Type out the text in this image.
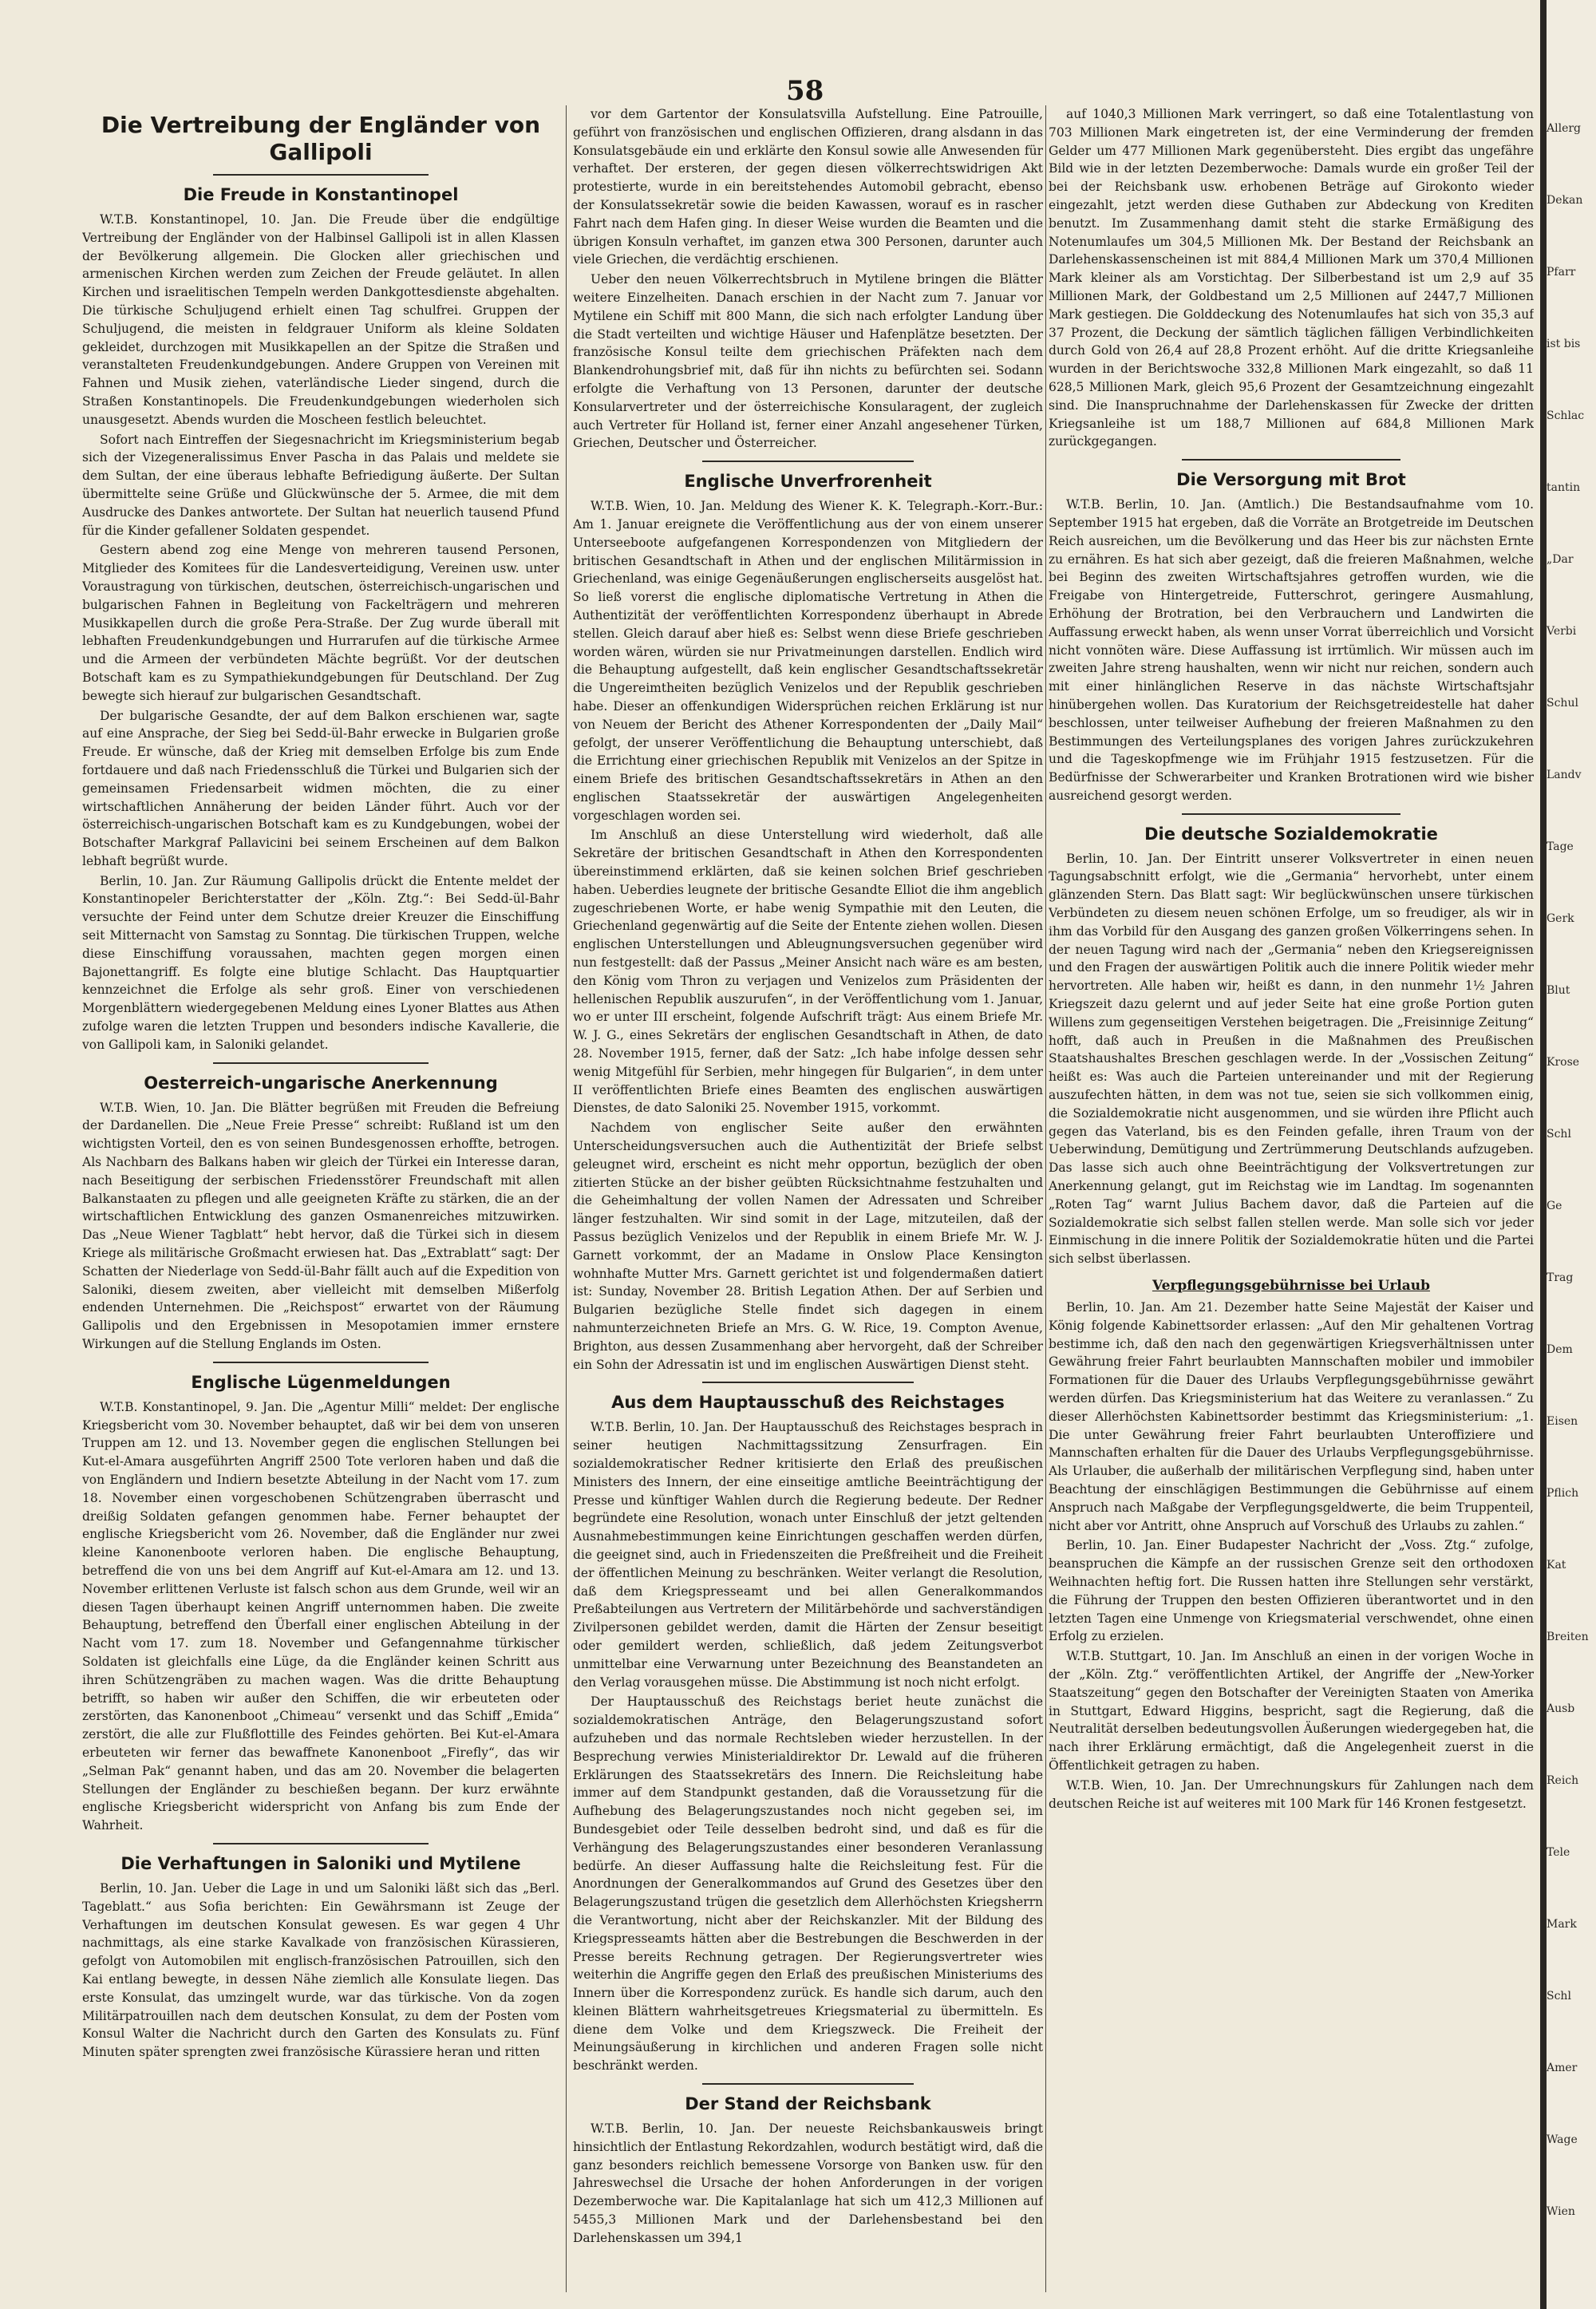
58
Die Vertreibung der Engländer von Gallipoli
Die Freude in Konstantinopel

W.T.B. Konstantinopel, 10. Jan. Die Freude über die endgültige Vertreibung der Engländer von der Halbinsel Gallipoli ist in allen Klassen der Bevölkerung allgemein. Die Glocken aller griechischen und armenischen Kirchen werden zum Zeichen der Freude geläutet. In allen Kirchen und israelitischen Tempeln werden Dankgottesdienste abgehalten. Die türkische Schuljugend erhielt einen Tag schulfrei. Gruppen der Schuljugend, die meisten in feldgrauer Uniform als kleine Soldaten gekleidet, durchzogen mit Musikkapellen an der Spitze die Straßen und veranstalteten Freudenkundgebungen. Andere Gruppen von Vereinen mit Fahnen und Musik ziehen, vaterländische Lieder singend, durch die Straßen Konstantinopels. Die Freudenkundgebungen wiederholen sich unausgesetzt. Abends wurden die Moscheen festlich beleuchtet.

Sofort nach Eintreffen der Siegesnachricht im Kriegsministerium begab sich der Vizegeneralissimus Enver Pascha in das Palais und meldete sie dem Sultan, der eine überaus lebhafte Befriedigung äußerte. Der Sultan übermittelte seine Grüße und Glückwünsche der 5. Armee, die mit dem Ausdrucke des Dankes antwortete. Der Sultan hat neuerlich tausend Pfund für die Kinder gefallener Soldaten gespendet.

Gestern abend zog eine Menge von mehreren tausend Personen, Mitglieder des Komitees für die Landesverteidigung, Vereinen usw. unter Voraustragung von türkischen, deutschen, österreichisch-ungarischen und bulgarischen Fahnen in Begleitung von Fackelträgern und mehreren Musikkapellen durch die große Pera-Straße. Der Zug wurde überall mit lebhaften Freudenkundgebungen und Hurrarufen auf die türkische Armee und die Armeen der verbündeten Mächte begrüßt. Vor der deutschen Botschaft kam es zu Sympathiekundgebungen für Deutschland. Der Zug bewegte sich hierauf zur bulgarischen Gesandtschaft.

Der bulgarische Gesandte, der auf dem Balkon erschienen war, sagte auf eine Ansprache, der Sieg bei Sedd-ül-Bahr erwecke in Bulgarien große Freude. Er wünsche, daß der Krieg mit demselben Erfolge bis zum Ende fortdauere und daß nach Friedensschluß die Türkei und Bulgarien sich der gemeinsamen Friedensarbeit widmen möchten, die zu einer wirtschaftlichen Annäherung der beiden Länder führt. Auch vor der österreichisch-ungarischen Botschaft kam es zu Kundgebungen, wobei der Botschafter Markgraf Pallavicini bei seinem Erscheinen auf dem Balkon lebhaft begrüßt wurde.

Berlin, 10. Jan. Zur Räumung Gallipolis drückt die Entente meldet der Konstantinopeler Berichterstatter der „Köln. Ztg.“: Bei Sedd-ül-Bahr versuchte der Feind unter dem Schutze dreier Kreuzer die Einschiffung seit Mitternacht von Samstag zu Sonntag. Die türkischen Truppen, welche diese Einschiffung voraussahen, machten gegen morgen einen Bajonettangriff. Es folgte eine blutige Schlacht. Das Hauptquartier kennzeichnet die Erfolge als sehr groß. Einer von verschiedenen Morgenblättern wiedergegebenen Meldung eines Lyoner Blattes aus Athen zufolge waren die letzten Truppen und besonders indische Kavallerie, die von Gallipoli kam, in Saloniki gelandet.

Oesterreich-ungarische Anerkennung

W.T.B. Wien, 10. Jan. Die Blätter begrüßen mit Freuden die Befreiung der Dardanellen. Die „Neue Freie Presse“ schreibt: Rußland ist um den wichtigsten Vorteil, den es von seinen Bundesgenossen erhoffte, betrogen. Als Nachbarn des Balkans haben wir gleich der Türkei ein Interesse daran, nach Beseitigung der serbischen Friedensstörer Freundschaft mit allen Balkanstaaten zu pflegen und alle geeigneten Kräfte zu stärken, die an der wirtschaftlichen Entwicklung des ganzen Osmanenreiches mitzuwirken. Das „Neue Wiener Tagblatt“ hebt hervor, daß die Türkei sich in diesem Kriege als militärische Großmacht erwiesen hat. Das „Extrablatt“ sagt: Der Schatten der Niederlage von Sedd-ül-Bahr fällt auch auf die Expedition von Saloniki, diesem zweiten, aber vielleicht mit demselben Mißerfolg endenden Unternehmen. Die „Reichspost“ erwartet von der Räumung Gallipolis und den Ergebnissen in Mesopotamien immer ernstere Wirkungen auf die Stellung Englands im Osten.

Englische Lügenmeldungen

W.T.B. Konstantinopel, 9. Jan. Die „Agentur Milli“ meldet: Der englische Kriegsbericht vom 30. November behauptet, daß wir bei dem von unseren Truppen am 12. und 13. November gegen die englischen Stellungen bei Kut-el-Amara ausgeführten Angriff 2500 Tote verloren haben und daß die von Engländern und Indiern besetzte Abteilung in der Nacht vom 17. zum 18. November einen vorgeschobenen Schützengraben überrascht und dreißig Soldaten gefangen genommen habe. Ferner behauptet der englische Kriegsbericht vom 26. November, daß die Engländer nur zwei kleine Kanonenboote verloren haben. Die englische Behauptung, betreffend die von uns bei dem Angriff auf Kut-el-Amara am 12. und 13. November erlittenen Verluste ist falsch schon aus dem Grunde, weil wir an diesen Tagen überhaupt keinen Angriff unternommen haben. Die zweite Behauptung, betreffend den Überfall einer englischen Abteilung in der Nacht vom 17. zum 18. November und Gefangennahme türkischer Soldaten ist gleichfalls eine Lüge, da die Engländer keinen Schritt aus ihren Schützengräben zu machen wagen. Was die dritte Behauptung betrifft, so haben wir außer den Schiffen, die wir erbeuteten oder zerstörten, das Kanonenboot „Chimeau“ versenkt und das Schiff „Emida“ zerstört, die alle zur Flußflottille des Feindes gehörten. Bei Kut-el-Amara erbeuteten wir ferner das bewaffnete Kanonenboot „Firefly“, das wir „Selman Pak“ genannt haben, und das am 20. November die belagerten Stellungen der Engländer zu beschießen begann. Der kurz erwähnte englische Kriegsbericht widerspricht von Anfang bis zum Ende der Wahrheit.

Die Verhaftungen in Saloniki und Mytilene

Berlin, 10. Jan. Ueber die Lage in und um Saloniki läßt sich das „Berl. Tageblatt.“ aus Sofia berichten: Ein Gewährsmann ist Zeuge der Verhaftungen im deutschen Konsulat gewesen. Es war gegen 4 Uhr nachmittags, als eine starke Kavalkade von französischen Kürassieren, gefolgt von Automobilen mit englisch-französischen Patrouillen, sich den Kai entlang bewegte, in dessen Nähe ziemlich alle Konsulate liegen. Das erste Konsulat, das umzingelt wurde, war das türkische. Von da zogen Militärpatrouillen nach dem deutschen Konsulat, zu dem der Posten vom Konsul Walter die Nachricht durch den Garten des Konsulats zu. Fünf Minuten später sprengten zwei französische Kürassiere heran und ritten

vor dem Gartentor der Konsulatsvilla Aufstellung. Eine Patrouille, geführt von französischen und englischen Offizieren, drang alsdann in das Konsulatsgebäude ein und erklärte den Konsul sowie alle Anwesenden für verhaftet. Der ersteren, der gegen diesen völkerrechtswidrigen Akt protestierte, wurde in ein bereitstehendes Automobil gebracht, ebenso der Konsulatssekretär sowie die beiden Kawassen, worauf es in rascher Fahrt nach dem Hafen ging. In dieser Weise wurden die Beamten und die übrigen Konsuln verhaftet, im ganzen etwa 300 Personen, darunter auch viele Griechen, die verdächtig erschienen.

Ueber den neuen Völkerrechtsbruch in Mytilene bringen die Blätter weitere Einzelheiten. Danach erschien in der Nacht zum 7. Januar vor Mytilene ein Schiff mit 800 Mann, die sich nach erfolgter Landung über die Stadt verteilten und wichtige Häuser und Hafenplätze besetzten. Der französische Konsul teilte dem griechischen Präfekten nach dem Blankendrohungsbrief mit, daß für ihn nichts zu befürchten sei. Sodann erfolgte die Verhaftung von 13 Personen, darunter der deutsche Konsularvertreter und der österreichische Konsularagent, der zugleich auch Vertreter für Holland ist, ferner einer Anzahl angesehener Türken, Griechen, Deutscher und Österreicher.

Englische Unverfrorenheit

W.T.B. Wien, 10. Jan. Meldung des Wiener K. K. Telegraph.-Korr.-Bur.: Am 1. Januar ereignete die Veröffentlichung aus der von einem unserer Unterseeboote aufgefangenen Korrespondenzen von Mitgliedern der britischen Gesandtschaft in Athen und der englischen Militärmission in Griechenland, was einige Gegenäußerungen englischerseits ausgelöst hat. So ließ vorerst die englische diplomatische Vertretung in Athen die Authentizität der veröffentlichten Korrespondenz überhaupt in Abrede stellen. Gleich darauf aber hieß es: Selbst wenn diese Briefe geschrieben worden wären, würden sie nur Privatmeinungen darstellen. Endlich wird die Behauptung aufgestellt, daß kein englischer Gesandtschaftssekretär die Ungereimtheiten bezüglich Venizelos und der Republik geschrieben habe. Dieser an offenkundigen Widersprüchen reichen Erklärung ist nur von Neuem der Bericht des Athener Korrespondenten der „Daily Mail“ gefolgt, der unserer Veröffentlichung die Behauptung unterschiebt, daß die Errichtung einer griechischen Republik mit Venizelos an der Spitze in einem Briefe des britischen Gesandtschaftssekretärs in Athen an den englischen Staatssekretär der auswärtigen Angelegenheiten vorgeschlagen worden sei.

Im Anschluß an diese Unterstellung wird wiederholt, daß alle Sekretäre der britischen Gesandtschaft in Athen den Korrespondenten übereinstimmend erklärten, daß sie keinen solchen Brief geschrieben haben. Ueberdies leugnete der britische Gesandte Elliot die ihm angeblich zugeschriebenen Worte, er habe wenig Sympathie mit den Leuten, die Griechenland gegenwärtig auf die Seite der Entente ziehen wollen. Diesen englischen Unterstellungen und Ableugnungsversuchen gegenüber wird nun festgestellt: daß der Passus „Meiner Ansicht nach wäre es am besten, den König vom Thron zu verjagen und Venizelos zum Präsidenten der hellenischen Republik auszurufen“, in der Veröffentlichung vom 1. Januar, wo er unter III erscheint, folgende Aufschrift trägt: Aus einem Briefe Mr. W. J. G., eines Sekretärs der englischen Gesandtschaft in Athen, de dato 28. November 1915, ferner, daß der Satz: „Ich habe infolge dessen sehr wenig Mitgefühl für Serbien, mehr hingegen für Bulgarien“, in dem unter II veröffentlichten Briefe eines Beamten des englischen auswärtigen Dienstes, de dato Saloniki 25. November 1915, vorkommt.

Nachdem von englischer Seite außer den erwähnten Unterscheidungsversuchen auch die Authentizität der Briefe selbst geleugnet wird, erscheint es nicht mehr opportun, bezüglich der oben zitierten Stücke an der bisher geübten Rücksichtnahme festzuhalten und die Geheimhaltung der vollen Namen der Adressaten und Schreiber länger festzuhalten. Wir sind somit in der Lage, mitzuteilen, daß der Passus bezüglich Venizelos und der Republik in einem Briefe Mr. W. J. Garnett vorkommt, der an Madame in Onslow Place Kensington wohnhafte Mutter Mrs. Garnett gerichtet ist und folgendermaßen datiert ist: Sunday, November 28. British Legation Athen. Der auf Serbien und Bulgarien bezügliche Stelle findet sich dagegen in einem nahmunterzeichneten Briefe an Mrs. G. W. Rice, 19. Compton Avenue, Brighton, aus dessen Zusammenhang aber hervorgeht, daß der Schreiber ein Sohn der Adressatin ist und im englischen Auswärtigen Dienst steht.

Aus dem Hauptausschuß des Reichstages

W.T.B. Berlin, 10. Jan. Der Hauptausschuß des Reichstages besprach in seiner heutigen Nachmittagssitzung Zensurfragen. Ein sozialdemokratischer Redner kritisierte den Erlaß des preußischen Ministers des Innern, der eine einseitige amtliche Beeinträchtigung der Presse und künftiger Wahlen durch die Regierung bedeute. Der Redner begründete eine Resolution, wonach unter Einschluß der jetzt geltenden Ausnahmebestimmungen keine Einrichtungen geschaffen werden dürfen, die geeignet sind, auch in Friedenszeiten die Preßfreiheit und die Freiheit der öffentlichen Meinung zu beschränken. Weiter verlangt die Resolution, daß dem Kriegspresseamt und bei allen Generalkommandos Preßabteilungen aus Vertretern der Militärbehörde und sachverständigen Zivilpersonen gebildet werden, damit die Härten der Zensur beseitigt oder gemildert werden, schließlich, daß jedem Zeitungsverbot unmittelbar eine Verwarnung unter Bezeichnung des Beanstandeten an den Verlag vorausgehen müsse. Die Abstimmung ist noch nicht erfolgt.

Der Hauptausschuß des Reichstags beriet heute zunächst die sozialdemokratischen Anträge, den Belagerungszustand sofort aufzuheben und das normale Rechtsleben wieder herzustellen. In der Besprechung verwies Ministerialdirektor Dr. Lewald auf die früheren Erklärungen des Staatssekretärs des Innern. Die Reichsleitung habe immer auf dem Standpunkt gestanden, daß die Voraussetzung für die Aufhebung des Belagerungszustandes noch nicht gegeben sei, im Bundesgebiet oder Teile desselben bedroht sind, und daß es für die Verhängung des Belagerungszustandes einer besonderen Veranlassung bedürfe. An dieser Auffassung halte die Reichsleitung fest. Für die Anordnungen der Generalkommandos auf Grund des Gesetzes über den Belagerungszustand trügen die gesetzlich dem Allerhöchsten Kriegsherrn die Verantwortung, nicht aber der Reichskanzler. Mit der Bildung des Kriegspresseamts hätten aber die Bestrebungen die Beschwerden in der Presse bereits Rechnung getragen. Der Regierungsvertreter wies weiterhin die Angriffe gegen den Erlaß des preußischen Ministeriums des Innern über die Korrespondenz zurück. Es handle sich darum, auch den kleinen Blättern wahrheitsgetreues Kriegsmaterial zu übermitteln. Es diene dem Volke und dem Kriegszweck. Die Freiheit der Meinungsäußerung in kirchlichen und anderen Fragen solle nicht beschränkt werden.

Der Stand der Reichsbank

W.T.B. Berlin, 10. Jan. Der neueste Reichsbankausweis bringt hinsichtlich der Entlastung Rekordzahlen, wodurch bestätigt wird, daß die ganz besonders reichlich bemessene Vorsorge von Banken usw. für den Jahreswechsel die Ursache der hohen Anforderungen in der vorigen Dezemberwoche war. Die Kapitalanlage hat sich um 412,3 Millionen auf 5455,3 Millionen Mark und der Darlehensbestand bei den Darlehenskassen um 394,1

auf 1040,3 Millionen Mark verringert, so daß eine Totalentlastung von 703 Millionen Mark eingetreten ist, der eine Verminderung der fremden Gelder um 477 Millionen Mark gegenübersteht. Dies ergibt das ungefähre Bild wie in der letzten Dezemberwoche: Damals wurde ein großer Teil der bei der Reichsbank usw. erhobenen Beträge auf Girokonto wieder eingezahlt, jetzt werden diese Guthaben zur Abdeckung von Krediten benutzt. Im Zusammenhang damit steht die starke Ermäßigung des Notenumlaufes um 304,5 Millionen Mk. Der Bestand der Reichsbank an Darlehenskassenscheinen ist mit 884,4 Millionen Mark um 370,4 Millionen Mark kleiner als am Vorstichtag. Der Silberbestand ist um 2,9 auf 35 Millionen Mark, der Goldbestand um 2,5 Millionen auf 2447,7 Millionen Mark gestiegen. Die Golddeckung des Notenumlaufes hat sich von 35,3 auf 37 Prozent, die Deckung der sämtlich täglichen fälligen Verbindlichkeiten durch Gold von 26,4 auf 28,8 Prozent erhöht. Auf die dritte Kriegsanleihe wurden in der Berichtswoche 332,8 Millionen Mark eingezahlt, so daß 11 628,5 Millionen Mark, gleich 95,6 Prozent der Gesamtzeichnung eingezahlt sind. Die Inanspruchnahme der Darlehenskassen für Zwecke der dritten Kriegsanleihe ist um 188,7 Millionen auf 684,8 Millionen Mark zurückgegangen.

Die Versorgung mit Brot

W.T.B. Berlin, 10. Jan. (Amtlich.) Die Bestandsaufnahme vom 10. September 1915 hat ergeben, daß die Vorräte an Brotgetreide im Deutschen Reich ausreichen, um die Bevölkerung und das Heer bis zur nächsten Ernte zu ernähren. Es hat sich aber gezeigt, daß die freieren Maßnahmen, welche bei Beginn des zweiten Wirtschaftsjahres getroffen wurden, wie die Freigabe von Hintergetreide, Futterschrot, geringere Ausmahlung, Erhöhung der Brotration, bei den Verbrauchern und Landwirten die Auffassung erweckt haben, als wenn unser Vorrat überreichlich und Vorsicht nicht vonnöten wäre. Diese Auffassung ist irrtümlich. Wir müssen auch im zweiten Jahre streng haushalten, wenn wir nicht nur reichen, sondern auch mit einer hinlänglichen Reserve in das nächste Wirtschaftsjahr hinübergehen wollen. Das Kuratorium der Reichsgetreidestelle hat daher beschlossen, unter teilweiser Aufhebung der freieren Maßnahmen zu den Bestimmungen des Verteilungsplanes des vorigen Jahres zurückzukehren und die Tageskopfmenge wie im Frühjahr 1915 festzusetzen. Für die Bedürfnisse der Schwerarbeiter und Kranken Brotrationen wird wie bisher ausreichend gesorgt werden.

Die deutsche Sozialdemokratie

Berlin, 10. Jan. Der Eintritt unserer Volksvertreter in einen neuen Tagungsabschnitt erfolgt, wie die „Germania“ hervorhebt, unter einem glänzenden Stern. Das Blatt sagt: Wir beglückwünschen unsere türkischen Verbündeten zu diesem neuen schönen Erfolge, um so freudiger, als wir in ihm das Vorbild für den Ausgang des ganzen großen Völkerringens sehen. In der neuen Tagung wird nach der „Germania“ neben den Kriegsereignissen und den Fragen der auswärtigen Politik auch die innere Politik wieder mehr hervortreten. Alle haben wir, heißt es dann, in den nunmehr 1½ Jahren Kriegszeit dazu gelernt und auf jeder Seite hat eine große Portion guten Willens zum gegenseitigen Verstehen beigetragen. Die „Freisinnige Zeitung“ hofft, daß auch in Preußen in die Maßnahmen des Preußischen Staatshaushaltes Breschen geschlagen werde. In der „Vossischen Zeitung“ heißt es: Was auch die Parteien untereinander und mit der Regierung auszufechten hätten, in dem was not tue, seien sie sich vollkommen einig, die Sozialdemokratie nicht ausgenommen, und sie würden ihre Pflicht auch gegen das Vaterland, bis es den Feinden gefalle, ihren Traum von der Ueberwindung, Demütigung und Zertrümmerung Deutschlands aufzugeben. Das lasse sich auch ohne Beeinträchtigung der Volksvertretungen zur Anerkennung gelangt, gut im Reichstag wie im Landtag. Im sogenannten „Roten Tag“ warnt Julius Bachem davor, daß die Parteien auf die Sozialdemokratie sich selbst fallen stellen werde. Man solle sich vor jeder Einmischung in die innere Politik der Sozialdemokratie hüten und die Partei sich selbst überlassen.

Verpflegungsgebührnisse bei Urlaub

Berlin, 10. Jan. Am 21. Dezember hatte Seine Majestät der Kaiser und König folgende Kabinettsorder erlassen: „Auf den Mir gehaltenen Vortrag bestimme ich, daß den nach den gegenwärtigen Kriegsverhältnissen unter Gewährung freier Fahrt beurlaubten Mannschaften mobiler und immobiler Formationen für die Dauer des Urlaubs Verpflegungsgebührnisse gewährt werden dürfen. Das Kriegsministerium hat das Weitere zu veranlassen.“ Zu dieser Allerhöchsten Kabinettsorder bestimmt das Kriegsministerium: „1. Die unter Gewährung freier Fahrt beurlaubten Unteroffiziere und Mannschaften erhalten für die Dauer des Urlaubs Verpflegungsgebührnisse. Als Urlauber, die außerhalb der militärischen Verpflegung sind, haben unter Beachtung der einschlägigen Bestimmungen die Gebührnisse auf einem Anspruch nach Maßgabe der Verpflegungsgeldwerte, die beim Truppenteil, nicht aber vor Antritt, ohne Anspruch auf Vorschuß des Urlaubs zu zahlen.“

Berlin, 10. Jan. Einer Budapester Nachricht der „Voss. Ztg.“ zufolge, beanspruchen die Kämpfe an der russischen Grenze seit den orthodoxen Weihnachten heftig fort. Die Russen hatten ihre Stellungen sehr verstärkt, die Führung der Truppen den besten Offizieren überantwortet und in den letzten Tagen eine Unmenge von Kriegsmaterial verschwendet, ohne einen Erfolg zu erzielen.

W.T.B. Stuttgart, 10. Jan. Im Anschluß an einen in der vorigen Woche in der „Köln. Ztg.“ veröffentlichten Artikel, der Angriffe der „New-Yorker Staatszeitung“ gegen den Botschafter der Vereinigten Staaten von Amerika in Stuttgart, Edward Higgins, bespricht, sagt die Regierung, daß die Neutralität derselben bedeutungsvollen Äußerungen wiedergegeben hat, die nach ihrer Erklärung ermächtigt, daß die Angelegenheit zuerst in die Öffentlichkeit getragen zu haben.

W.T.B. Wien, 10. Jan. Der Umrechnungskurs für Zahlungen nach dem deutschen Reiche ist auf weiteres mit 100 Mark für 146 Kronen festgesetzt.

Allerg
Dekan
Pfarr
ist bis
Schlac
tantin
„Dar
Verbi
Schul
Landv
Tage
Gerk
Blut
Krose
Schl
Ge
Trag
Dem
Eisen
Pflich
Kat
Breiten
Ausb
Reich
Tele
Mark
Schl
Amer
Wage
Wien
